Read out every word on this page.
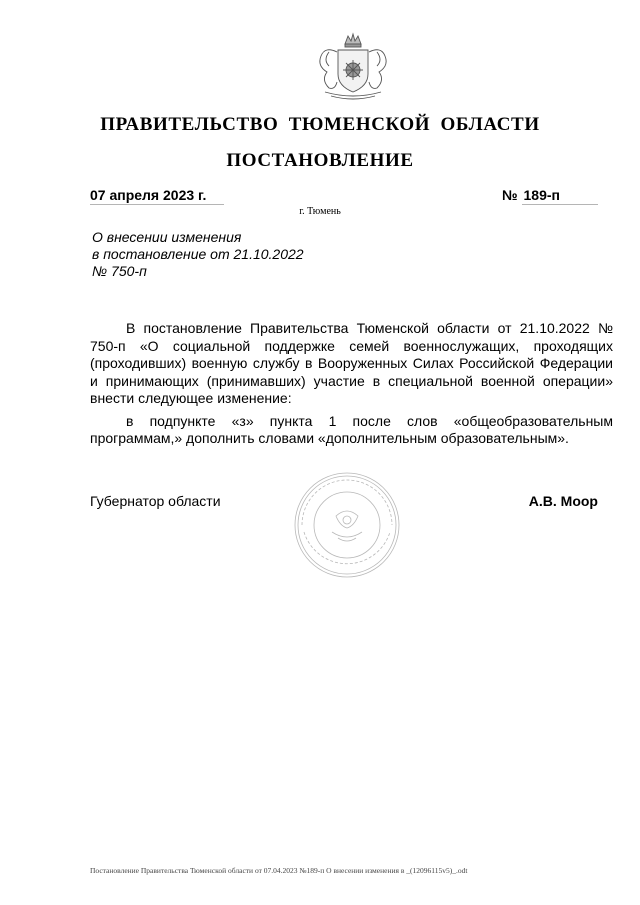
ПРАВИТЕЛЬСТВО ТЮМЕНСКОЙ ОБЛАСТИ
ПОСТАНОВЛЕНИЕ
07 апреля 2023 г.	№ 189-п
г. Тюмень
О внесении изменения
в постановление от 21.10.2022
№ 750-п

В постановление Правительства Тюменской области от 21.10.2022 № 750-п «О социальной поддержке семей военнослужащих, проходящих (проходивших) военную службу в Вооруженных Силах Российской Федерации и принимающих (принимавших) участие в специальной военной операции» внести следующее изменение:

в подпункте «з» пункта 1 после слов «общеобразовательным программам,» дополнить словами «дополнительным образовательным».

Губернатор области	А.В. Моор
Постановление Правительства Тюменской области от 07.04.2023 №189-п О внесении изменения в _(12096115v5)_.odt
